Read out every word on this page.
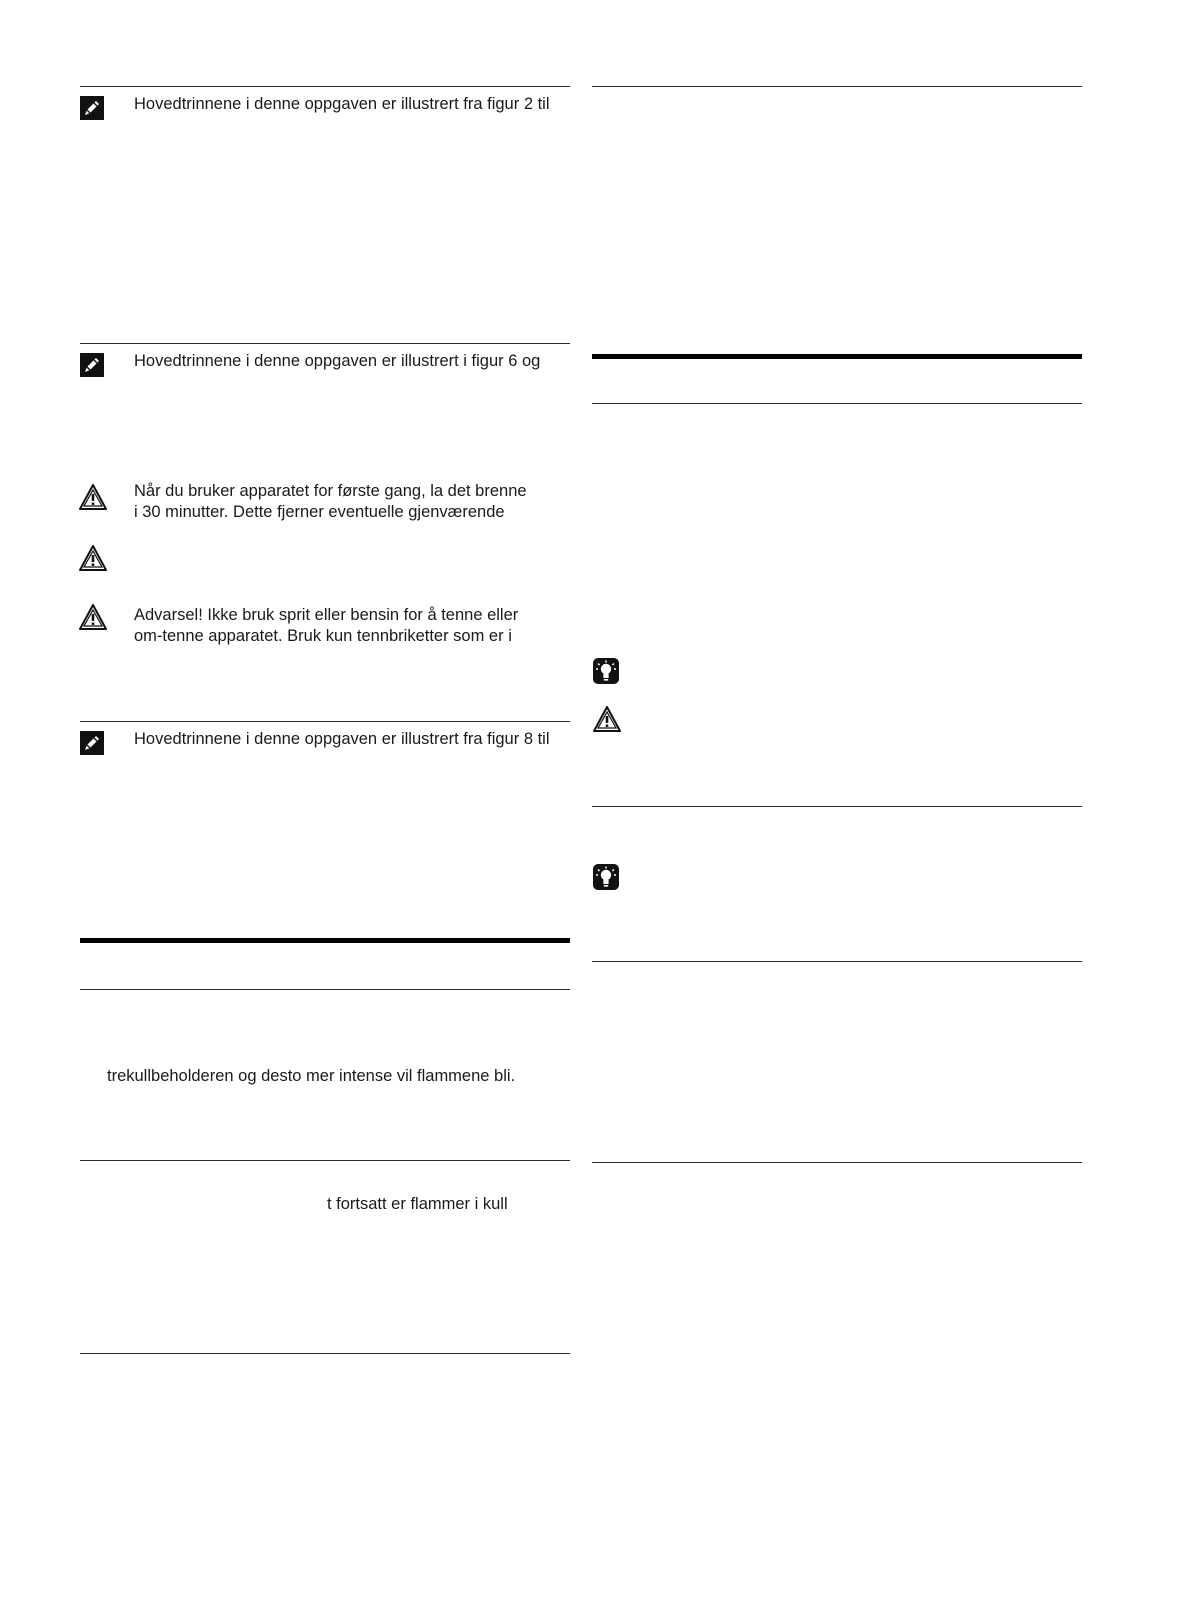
Hovedtrinnene i denne oppgaven er illustrert fra figur 2 til
Hovedtrinnene i denne oppgaven er illustrert i figur 6 og
Når du bruker apparatet for første gang, la det brenne
i 30 minutter. Dette fjerner eventuelle gjenværende
Advarsel! Ikke bruk sprit eller bensin for å tenne eller
om-tenne apparatet. Bruk kun tennbriketter som er i
Hovedtrinnene i denne oppgaven er illustrert fra figur 8 til
trekullbeholderen og desto mer intense vil flammene bli.
t fortsatt er flammer i kull
